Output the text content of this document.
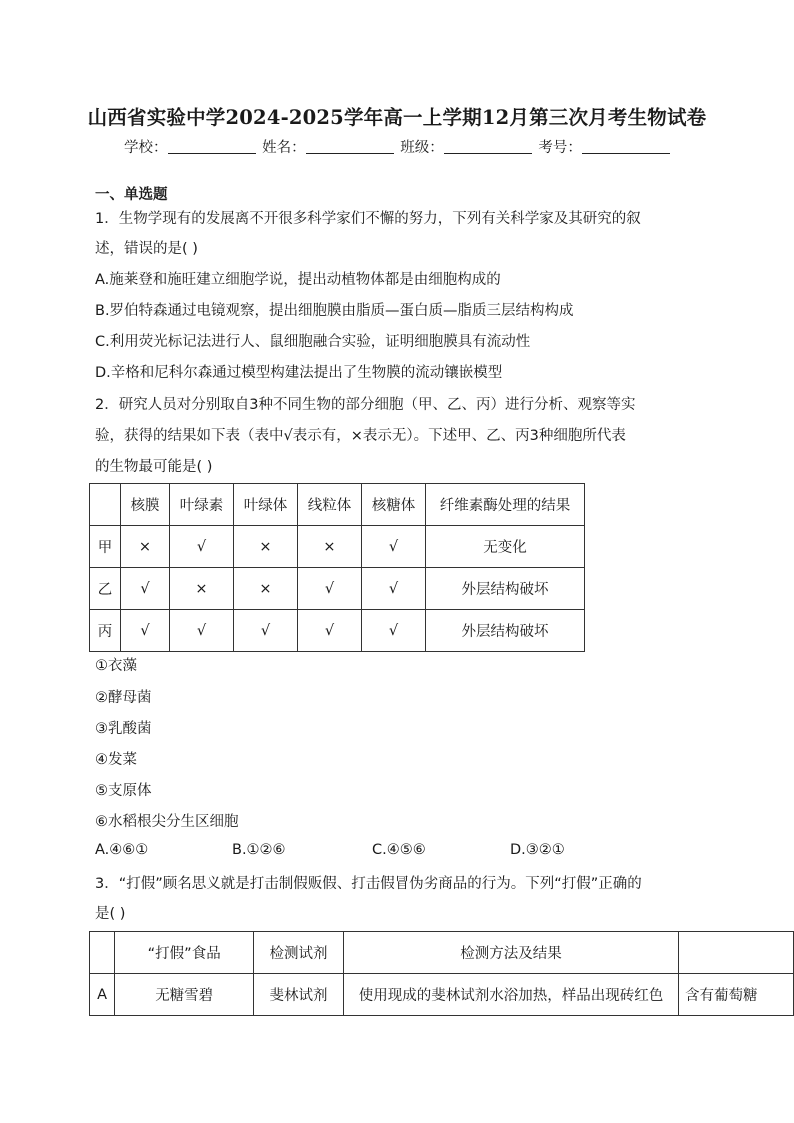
山西省实验中学2024-2025学年高一上学期12月第三次月考生物试卷
学校：	姓名：	班级：	考号：
一、单选题
1．生物学现有的发展离不开很多科学家们不懈的努力，下列有关科学家及其研究的叙
述，错误的是( )
A.施莱登和施旺建立细胞学说，提出动植物体都是由细胞构成的
B.罗伯特森通过电镜观察，提出细胞膜由脂质—蛋白质—脂质三层结构构成
C.利用荧光标记法进行人、鼠细胞融合实验，证明细胞膜具有流动性
D.辛格和尼科尔森通过模型构建法提出了生物膜的流动镶嵌模型
2．研究人员对分别取自3种不同生物的部分细胞（甲、乙、丙）进行分析、观察等实
验，获得的结果如下表（表中√表示有，×表示无）。下述甲、乙、丙3种细胞所代表
的生物最可能是( )
	核膜	叶绿素	叶绿体	线粒体	核糖体	纤维素酶处理的结果
甲	×	√	×	×	√	无变化
乙	√	×	×	√	√	外层结构破坏
丙	√	√	√	√	√	外层结构破坏
①衣藻
②酵母菌
③乳酸菌
④发菜
⑤支原体
⑥水稻根尖分生区细胞
A.④⑥①	B.①②⑥	C.④⑤⑥	D.③②①
3．“打假”顾名思义就是打击制假贩假、打击假冒伪劣商品的行为。下列“打假”正确的
是( )
	“打假”食品	检测试剂	检测方法及结果	
A	无糖雪碧	斐林试剂	使用现成的斐林试剂水浴加热，样品出现砖红色	含有葡萄糖
